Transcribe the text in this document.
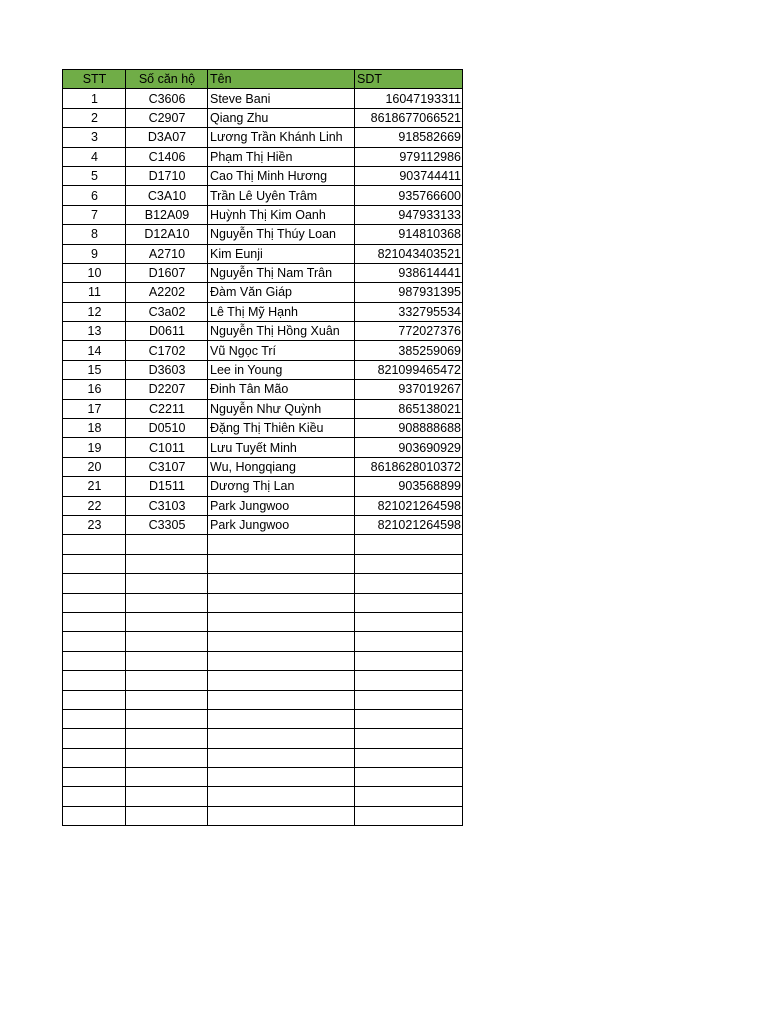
STT	Số căn hộ	Tên	SDT
1	C3606	Steve Bani	16047193311
2	C2907	Qiang Zhu	8618677066521
3	D3A07	Lương Trần Khánh Linh	918582669
4	C1406	Phạm Thị Hiền	979112986
5	D1710	Cao Thị Minh Hương	903744411
6	C3A10	Trần Lê Uyên Trâm	935766600
7	B12A09	Huỳnh Thị Kim Oanh	947933133
8	D12A10	Nguyễn Thị Thúy Loan	914810368
9	A2710	Kim Eunji	821043403521
10	D1607	Nguyễn Thị Nam Trân	938614441
11	A2202	Đàm Văn Giáp	987931395
12	C3a02	Lê Thị Mỹ Hạnh	332795534
13	D0611	Nguyễn Thị Hồng Xuân	772027376
14	C1702	Vũ Ngọc Trí	385259069
15	D3603	Lee in Young	821099465472
16	D2207	Đinh Tân Mão	937019267
17	C2211	Nguyễn Như Quỳnh	865138021
18	D0510	Đặng Thị Thiên Kiều	908888688
19	C1011	Lưu Tuyết Minh	903690929
20	C3107	Wu, Hongqiang	8618628010372
21	D1511	Dương Thị Lan	903568899
22	C3103	Park Jungwoo	821021264598
23	C3305	Park Jungwoo	821021264598
